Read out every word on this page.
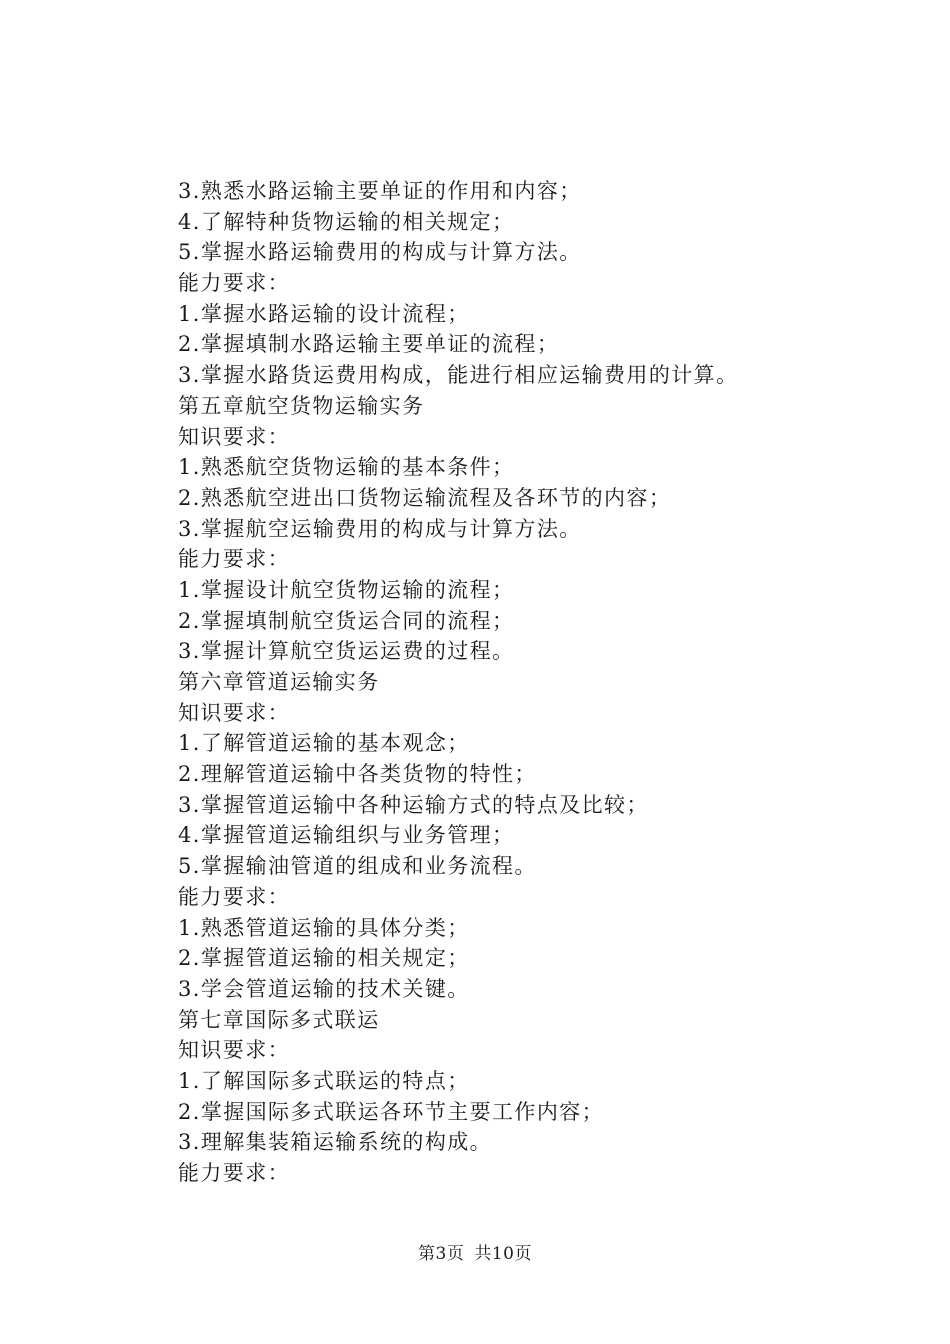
3.熟悉水路运输主要单证的作用和内容；
4.了解特种货物运输的相关规定；
5.掌握水路运输费用的构成与计算方法。
能力要求：
1.掌握水路运输的设计流程；
2.掌握填制水路运输主要单证的流程；
3.掌握水路货运费用构成，能进行相应运输费用的计算。
第五章航空货物运输实务
知识要求：
1.熟悉航空货物运输的基本条件；
2.熟悉航空进出口货物运输流程及各环节的内容；
3.掌握航空运输费用的构成与计算方法。
能力要求：
1.掌握设计航空货物运输的流程；
2.掌握填制航空货运合同的流程；
3.掌握计算航空货运运费的过程。
第六章管道运输实务
知识要求：
1.了解管道运输的基本观念；
2.理解管道运输中各类货物的特性；
3.掌握管道运输中各种运输方式的特点及比较；
4.掌握管道运输组织与业务管理；
5.掌握输油管道的组成和业务流程。
能力要求：
1.熟悉管道运输的具体分类；
2.掌握管道运输的相关规定；
3.学会管道运输的技术关键。
第七章国际多式联运
知识要求：
1.了解国际多式联运的特点；
2.掌握国际多式联运各环节主要工作内容；
3.理解集装箱运输系统的构成。
能力要求：
第3页 共10页
